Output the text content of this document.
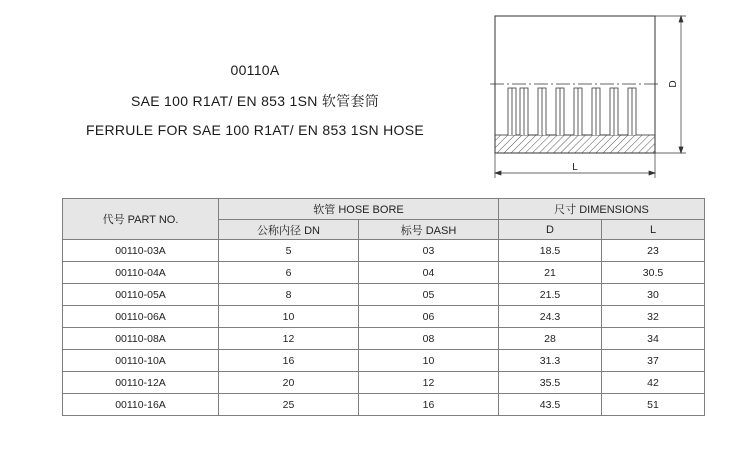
00110A
SAE 100 R1AT/ EN 853 1SN 软管套筒
FERRULE FOR SAE 100 R1AT/ EN 853 1SN HOSE
D
L
代号 PART NO.	软管 HOSE BORE		尺寸 DIMENSIONS	
	公称内径 DN	标号 DASH	D	L
00110-03A	5	03	18.5	23
00110-04A	6	04	21	30.5
00110-05A	8	05	21.5	30
00110-06A	10	06	24.3	32
00110-08A	12	08	28	34
00110-10A	16	10	31.3	37
00110-12A	20	12	35.5	42
00110-16A	25	16	43.5	51
